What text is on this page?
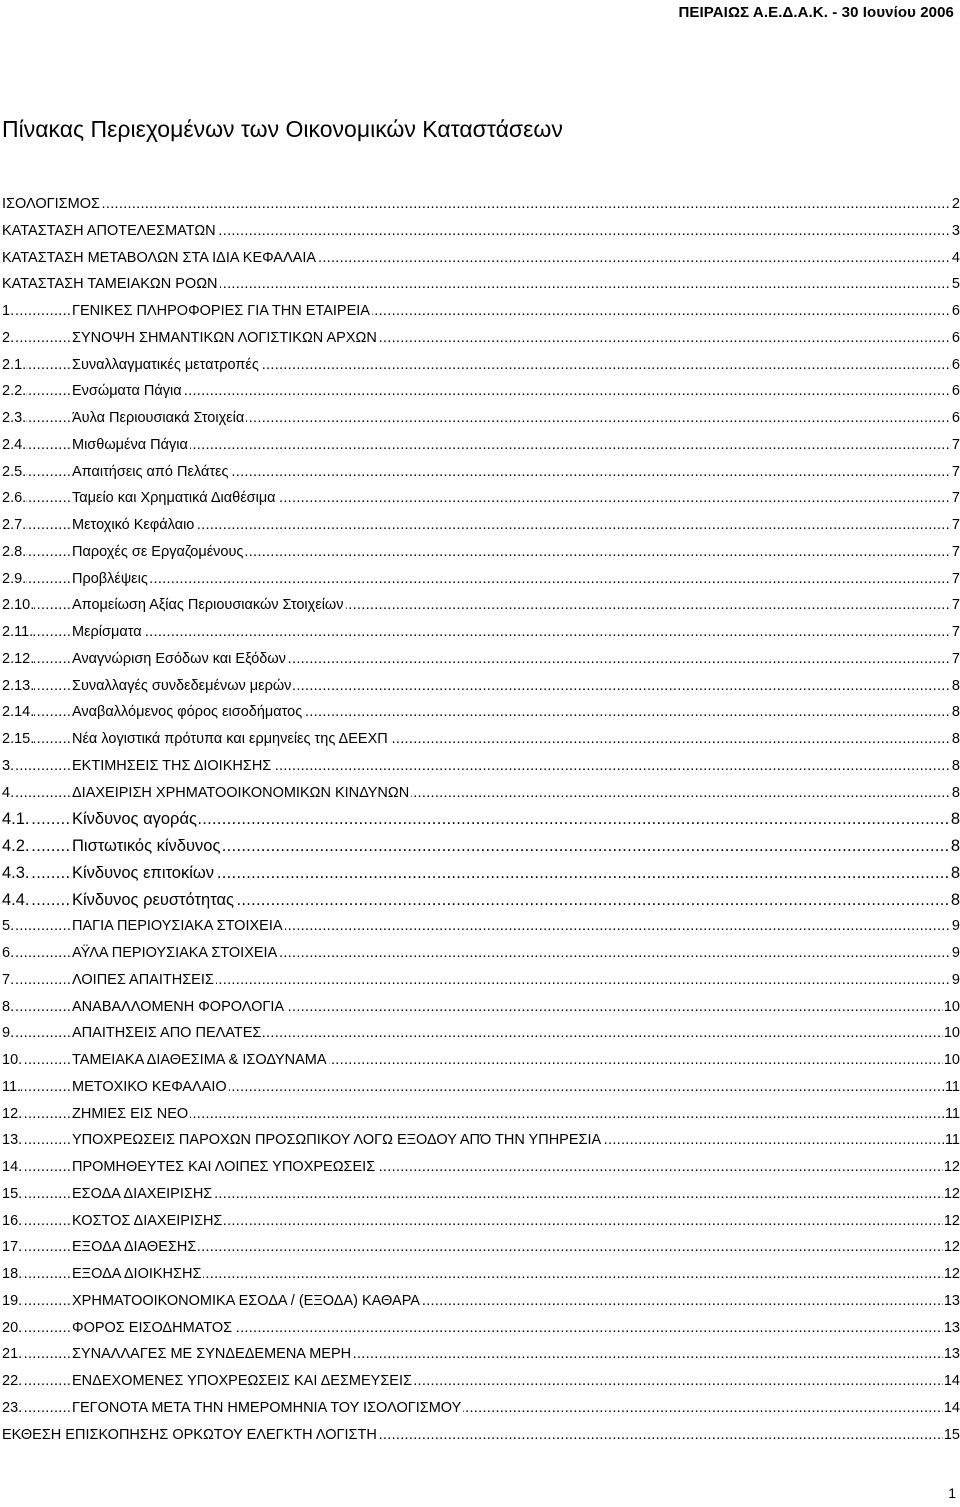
ΠΕΙΡΑΙΩΣ Α.Ε.Δ.Α.Κ. - 30 Ιουνίου 2006
Πίνακας Περιεχομένων των Οικονομικών Καταστάσεων
.....
ΙΣΟΛΟΓΙΣΜΟΣ	2
.....
ΚΑΤΑΣΤΑΣΗ ΑΠΟΤΕΛΕΣΜΑΤΩΝ	3
.....
ΚΑΤΑΣΤΑΣΗ ΜΕΤΑΒΟΛΩΝ ΣΤΑ ΙΔΙΑ ΚΕΦΑΛΑΙΑ	4
.....
ΚΑΤΑΣΤΑΣΗ ΤΑΜΕΙΑΚΩΝ ΡΟΩΝ	5
.....
1.	ΓΕΝΙΚΕΣ ΠΛΗΡΟΦΟΡΙΕΣ ΓΙΑ ΤΗΝ ΕΤΑΙΡΕΙΑ	6
.....
2.	ΣΥΝΟΨΗ ΣΗΜΑΝΤΙΚΩΝ ΛΟΓΙΣΤΙΚΩΝ ΑΡΧΩΝ	6
.....
2.1.	Συναλλαγματικές μετατροπές	6
.....
2.2.	Ενσώματα Πάγια	6
.....
2.3.	Άυλα Περιουσιακά Στοιχεία	6
.....
2.4.	Μισθωμένα Πάγια	7
.....
2.5.	Απαιτήσεις από Πελάτες	7
.....
2.6.	Ταμείο και Χρηματικά Διαθέσιμα	7
.....
2.7.	Μετοχικό Κεφάλαιο	7
.....
2.8.	Παροχές σε Εργαζομένους	7
.....
2.9.	Προβλέψεις	7
.....
2.10.	Απομείωση Αξίας Περιουσιακών Στοιχείων	7
.....
2.11.	Μερίσματα	7
.....
2.12.	Αναγνώριση Εσόδων και Εξόδων	7
.....
2.13.	Συναλλαγές συνδεδεμένων μερών	8
.....
2.14.	Αναβαλλόμενος φόρος εισοδήματος	8
.....
2.15.	Νέα λογιστικά πρότυπα και ερμηνείες της ΔΕΕΧΠ	8
.....
3.	ΕΚΤΙΜΗΣΕΙΣ ΤΗΣ ΔΙΟΙΚΗΣΗΣ	8
.....
4.	ΔΙΑΧΕΙΡΙΣΗ ΧΡΗΜΑΤΟΟΙΚΟΝΟΜΙΚΩΝ ΚΙΝΔΥΝΩΝ	8
.....
4.1.	Κίνδυνος αγοράς	8
.....
4.2.	Πιστωτικός κίνδυνος	8
.....
4.3.	Κίνδυνος επιτοκίων	8
.....
4.4.	Κίνδυνος ρευστότητας	8
.....
5.	ΠΑΓΙΑ ΠΕΡΙΟΥΣΙΑΚΑ ΣΤΟΙΧΕΙΑ	9
.....
6.	ΑΫΛΑ ΠΕΡΙΟΥΣΙΑΚΑ ΣΤΟΙΧΕΙΑ	9
.....
7.	ΛΟΙΠΕΣ ΑΠΑΙΤΗΣΕΙΣ	9
.....
8.	ΑΝΑΒΑΛΛΟΜΕΝΗ ΦΟΡΟΛΟΓΙΑ	10
.....
9.	ΑΠΑΙΤΗΣΕΙΣ ΑΠΟ ΠΕΛΑΤΕΣ	10
.....
10.	ΤΑΜΕΙΑΚΑ ΔΙΑΘΕΣΙΜΑ & ΙΣΟΔΥΝΑΜΑ	10
.....
11.	ΜΕΤΟΧΙΚΟ ΚΕΦΑΛΑΙΟ	11
.....
12.	ΖΗΜΙΕΣ ΕΙΣ ΝΕΟ	11
.....
13.	ΥΠΟΧΡΕΩΣΕΙΣ ΠΑΡΟΧΩΝ ΠΡΟΣΩΠΙΚΟΥ ΛΟΓΩ ΕΞΟΔΟΥ ΑΠΌ ΤΗΝ ΥΠΗΡΕΣΙΑ	11
.....
14.	ΠΡΟΜΗΘΕΥΤΕΣ ΚΑΙ ΛΟΙΠΕΣ ΥΠΟΧΡΕΩΣΕΙΣ	12
.....
15.	ΕΣΟΔΑ ΔΙΑΧΕΙΡΙΣΗΣ	12
.....
16.	ΚΟΣΤΟΣ ΔΙΑΧΕΙΡΙΣΗΣ	12
.....
17.	ΕΞΟΔΑ ΔΙΑΘΕΣΗΣ	12
.....
18.	ΕΞΟΔΑ ΔΙΟΙΚΗΣΗΣ	12
.....
19.	ΧΡΗΜΑΤΟΟΙΚΟΝΟΜΙΚΑ ΕΣΟΔΑ / (ΕΞΟΔΑ) ΚΑΘΑΡΑ	13
.....
20.	ΦΟΡΟΣ ΕΙΣΟΔΗΜΑΤΟΣ	13
.....
21.	ΣΥΝΑΛΛΑΓΕΣ ΜΕ ΣΥΝΔΕΔΕΜΕΝΑ ΜΕΡΗ	13
.....
22.	ΕΝΔΕΧΟΜΕΝΕΣ ΥΠΟΧΡΕΩΣΕΙΣ ΚΑΙ ΔΕΣΜΕΥΣΕΙΣ	14
.....
23.	ΓΕΓΟΝΟΤΑ ΜΕΤΑ ΤΗΝ ΗΜΕΡΟΜΗΝΙΑ ΤΟΥ ΙΣΟΛΟΓΙΣΜΟΥ	14
.....
ΕΚΘΕΣΗ ΕΠΙΣΚΟΠΗΣΗΣ ΟΡΚΩΤΟΥ ΕΛΕΓΚΤΗ ΛΟΓΙΣΤΗ	15
1
